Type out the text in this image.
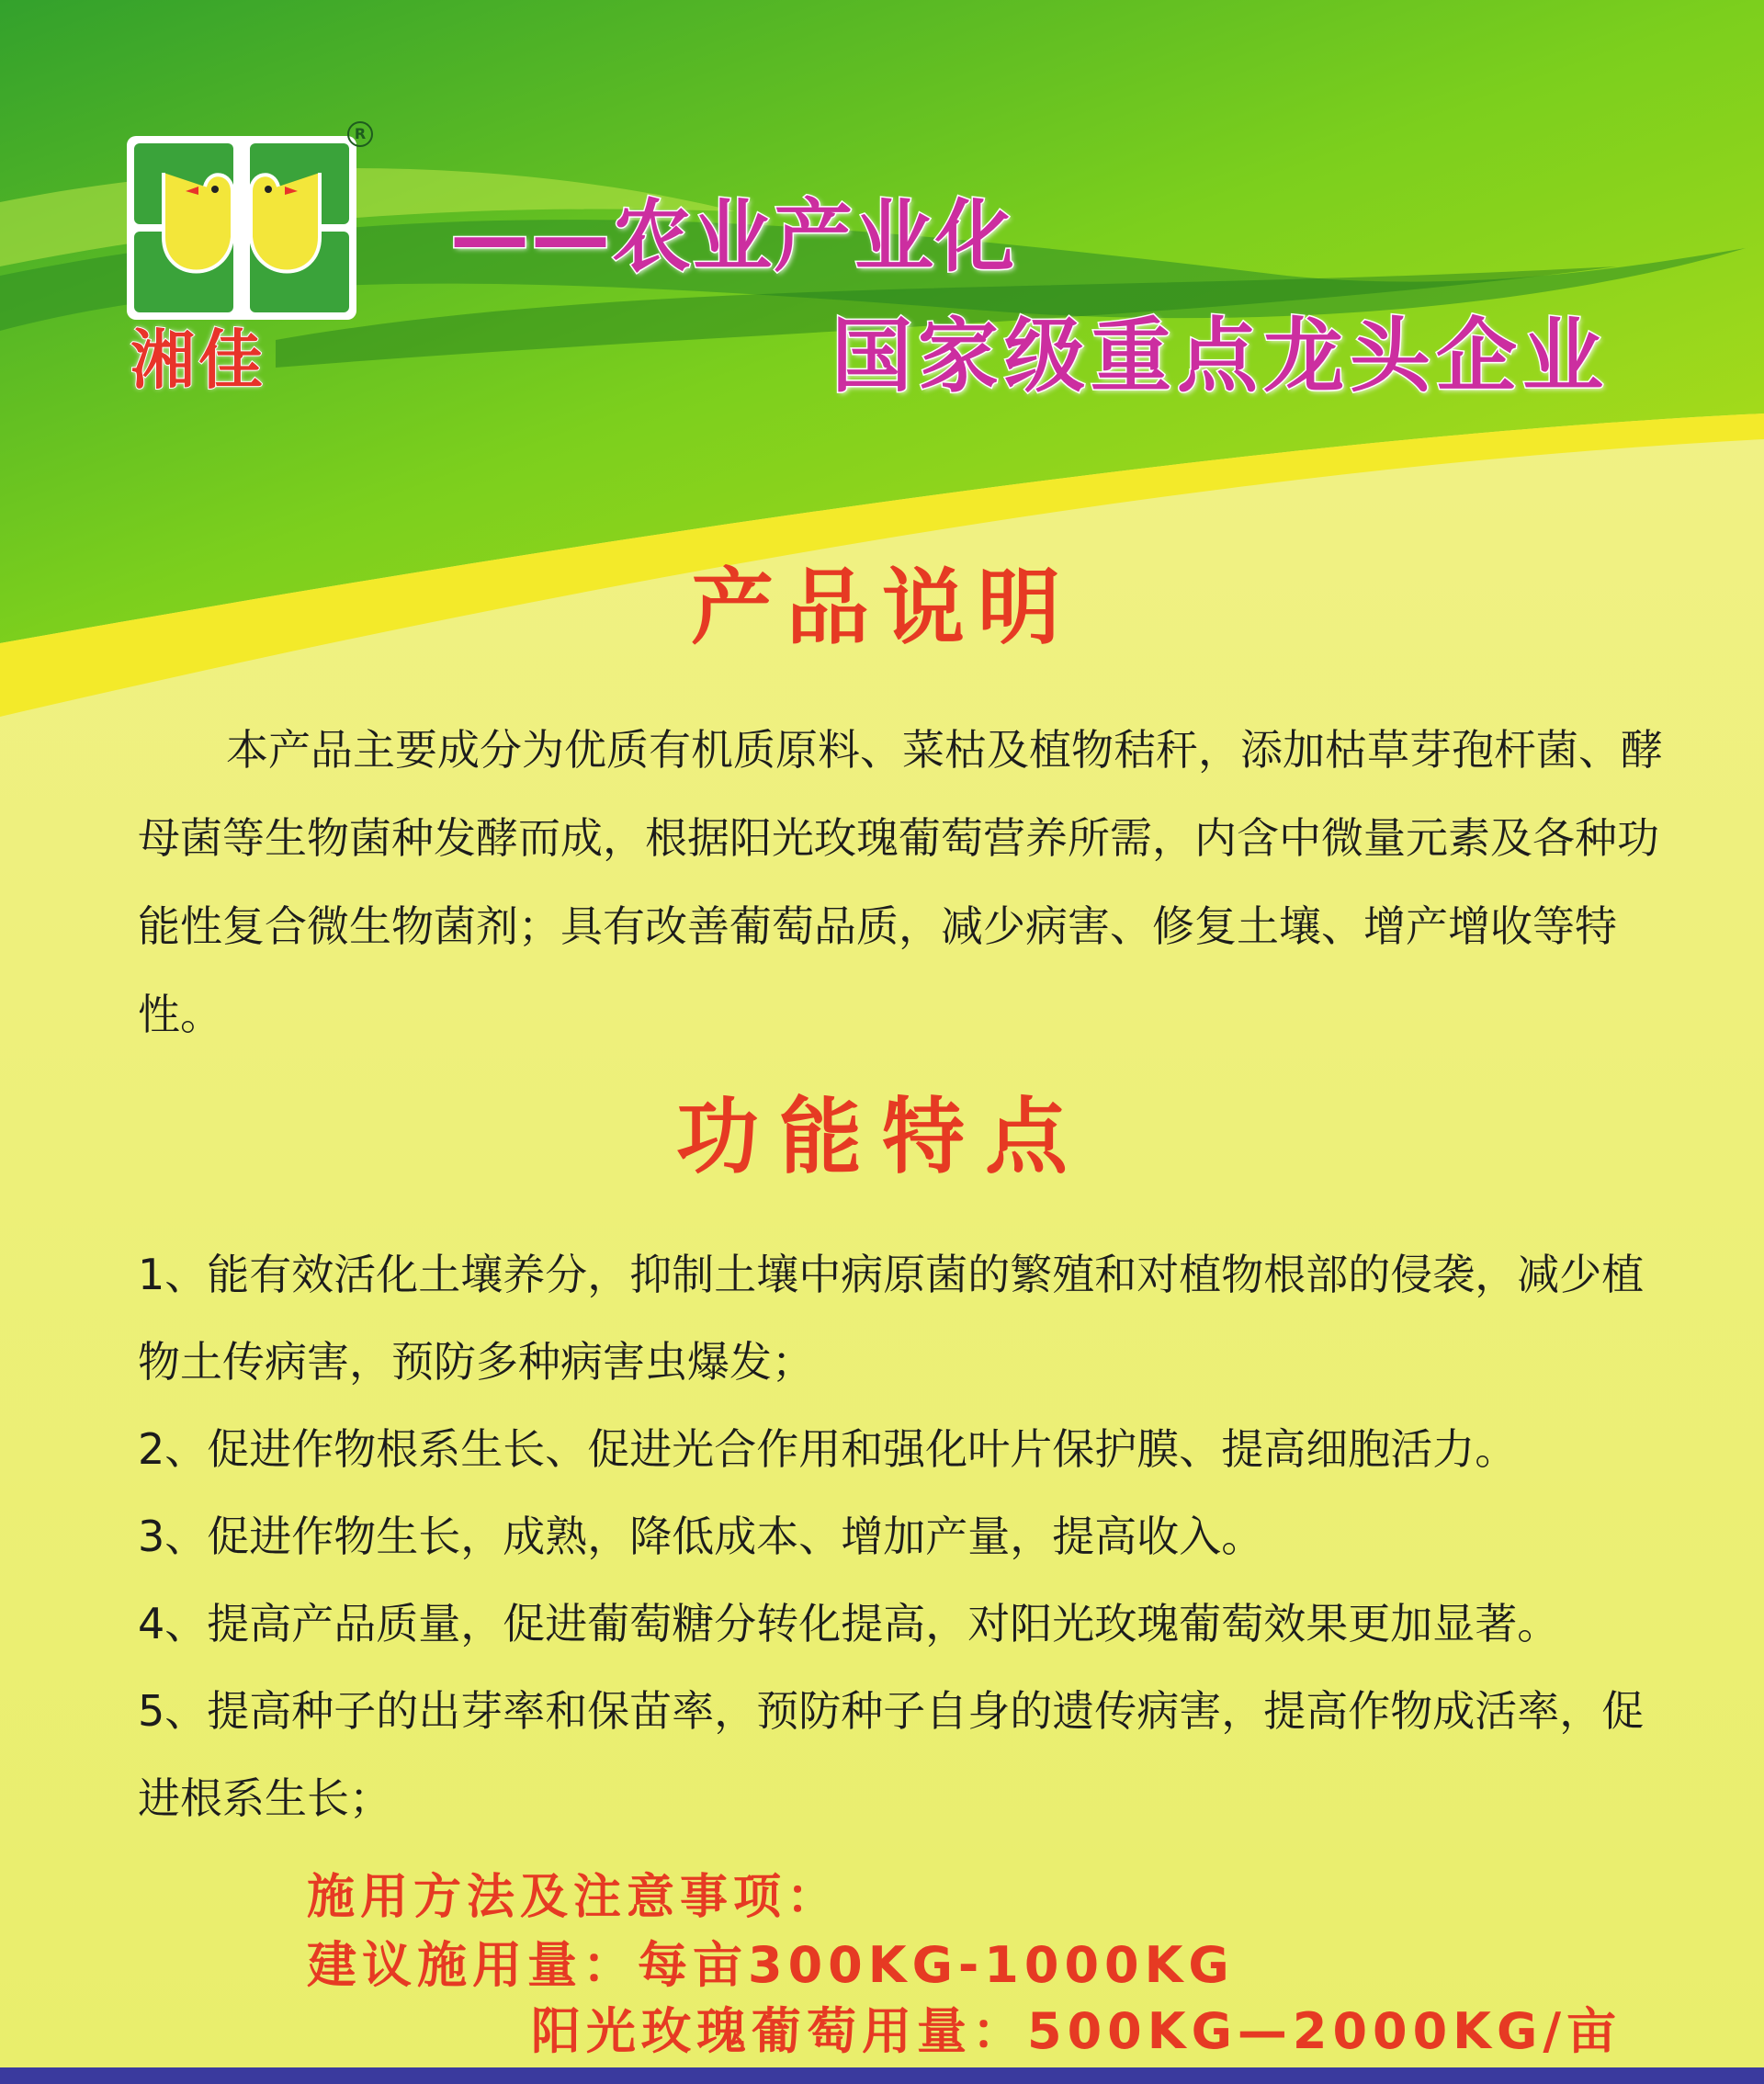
R
湘佳
——农业产业化
国家级重点龙头企业
产品说明

本产品主要成分为优质有机质原料、菜枯及植物秸秆，添加枯草芽孢杆菌、酵母菌等生物菌种发酵而成，根据阳光玫瑰葡萄营养所需，内含中微量元素及各种功能性复合微生物菌剂；具有改善葡萄品质，减少病害、修复土壤、增产增收等特性。

功能特点
1、能有效活化土壤养分，抑制土壤中病原菌的繁殖和对植物根部的侵袭，减少植物土传病害，预防多种病害虫爆发；
2、促进作物根系生长、促进光合作用和强化叶片保护膜、提高细胞活力。
3、促进作物生长，成熟，降低成本、增加产量，提高收入。
4、提高产品质量，促进葡萄糖分转化提高，对阳光玫瑰葡萄效果更加显著。
5、提高种子的出芽率和保苗率，预防种子自身的遗传病害，提高作物成活率，促进根系生长；
施用方法及注意事项：
建议施用量：每亩300KG-1000KG
阳光玫瑰葡萄用量：500KG—2000KG/亩
